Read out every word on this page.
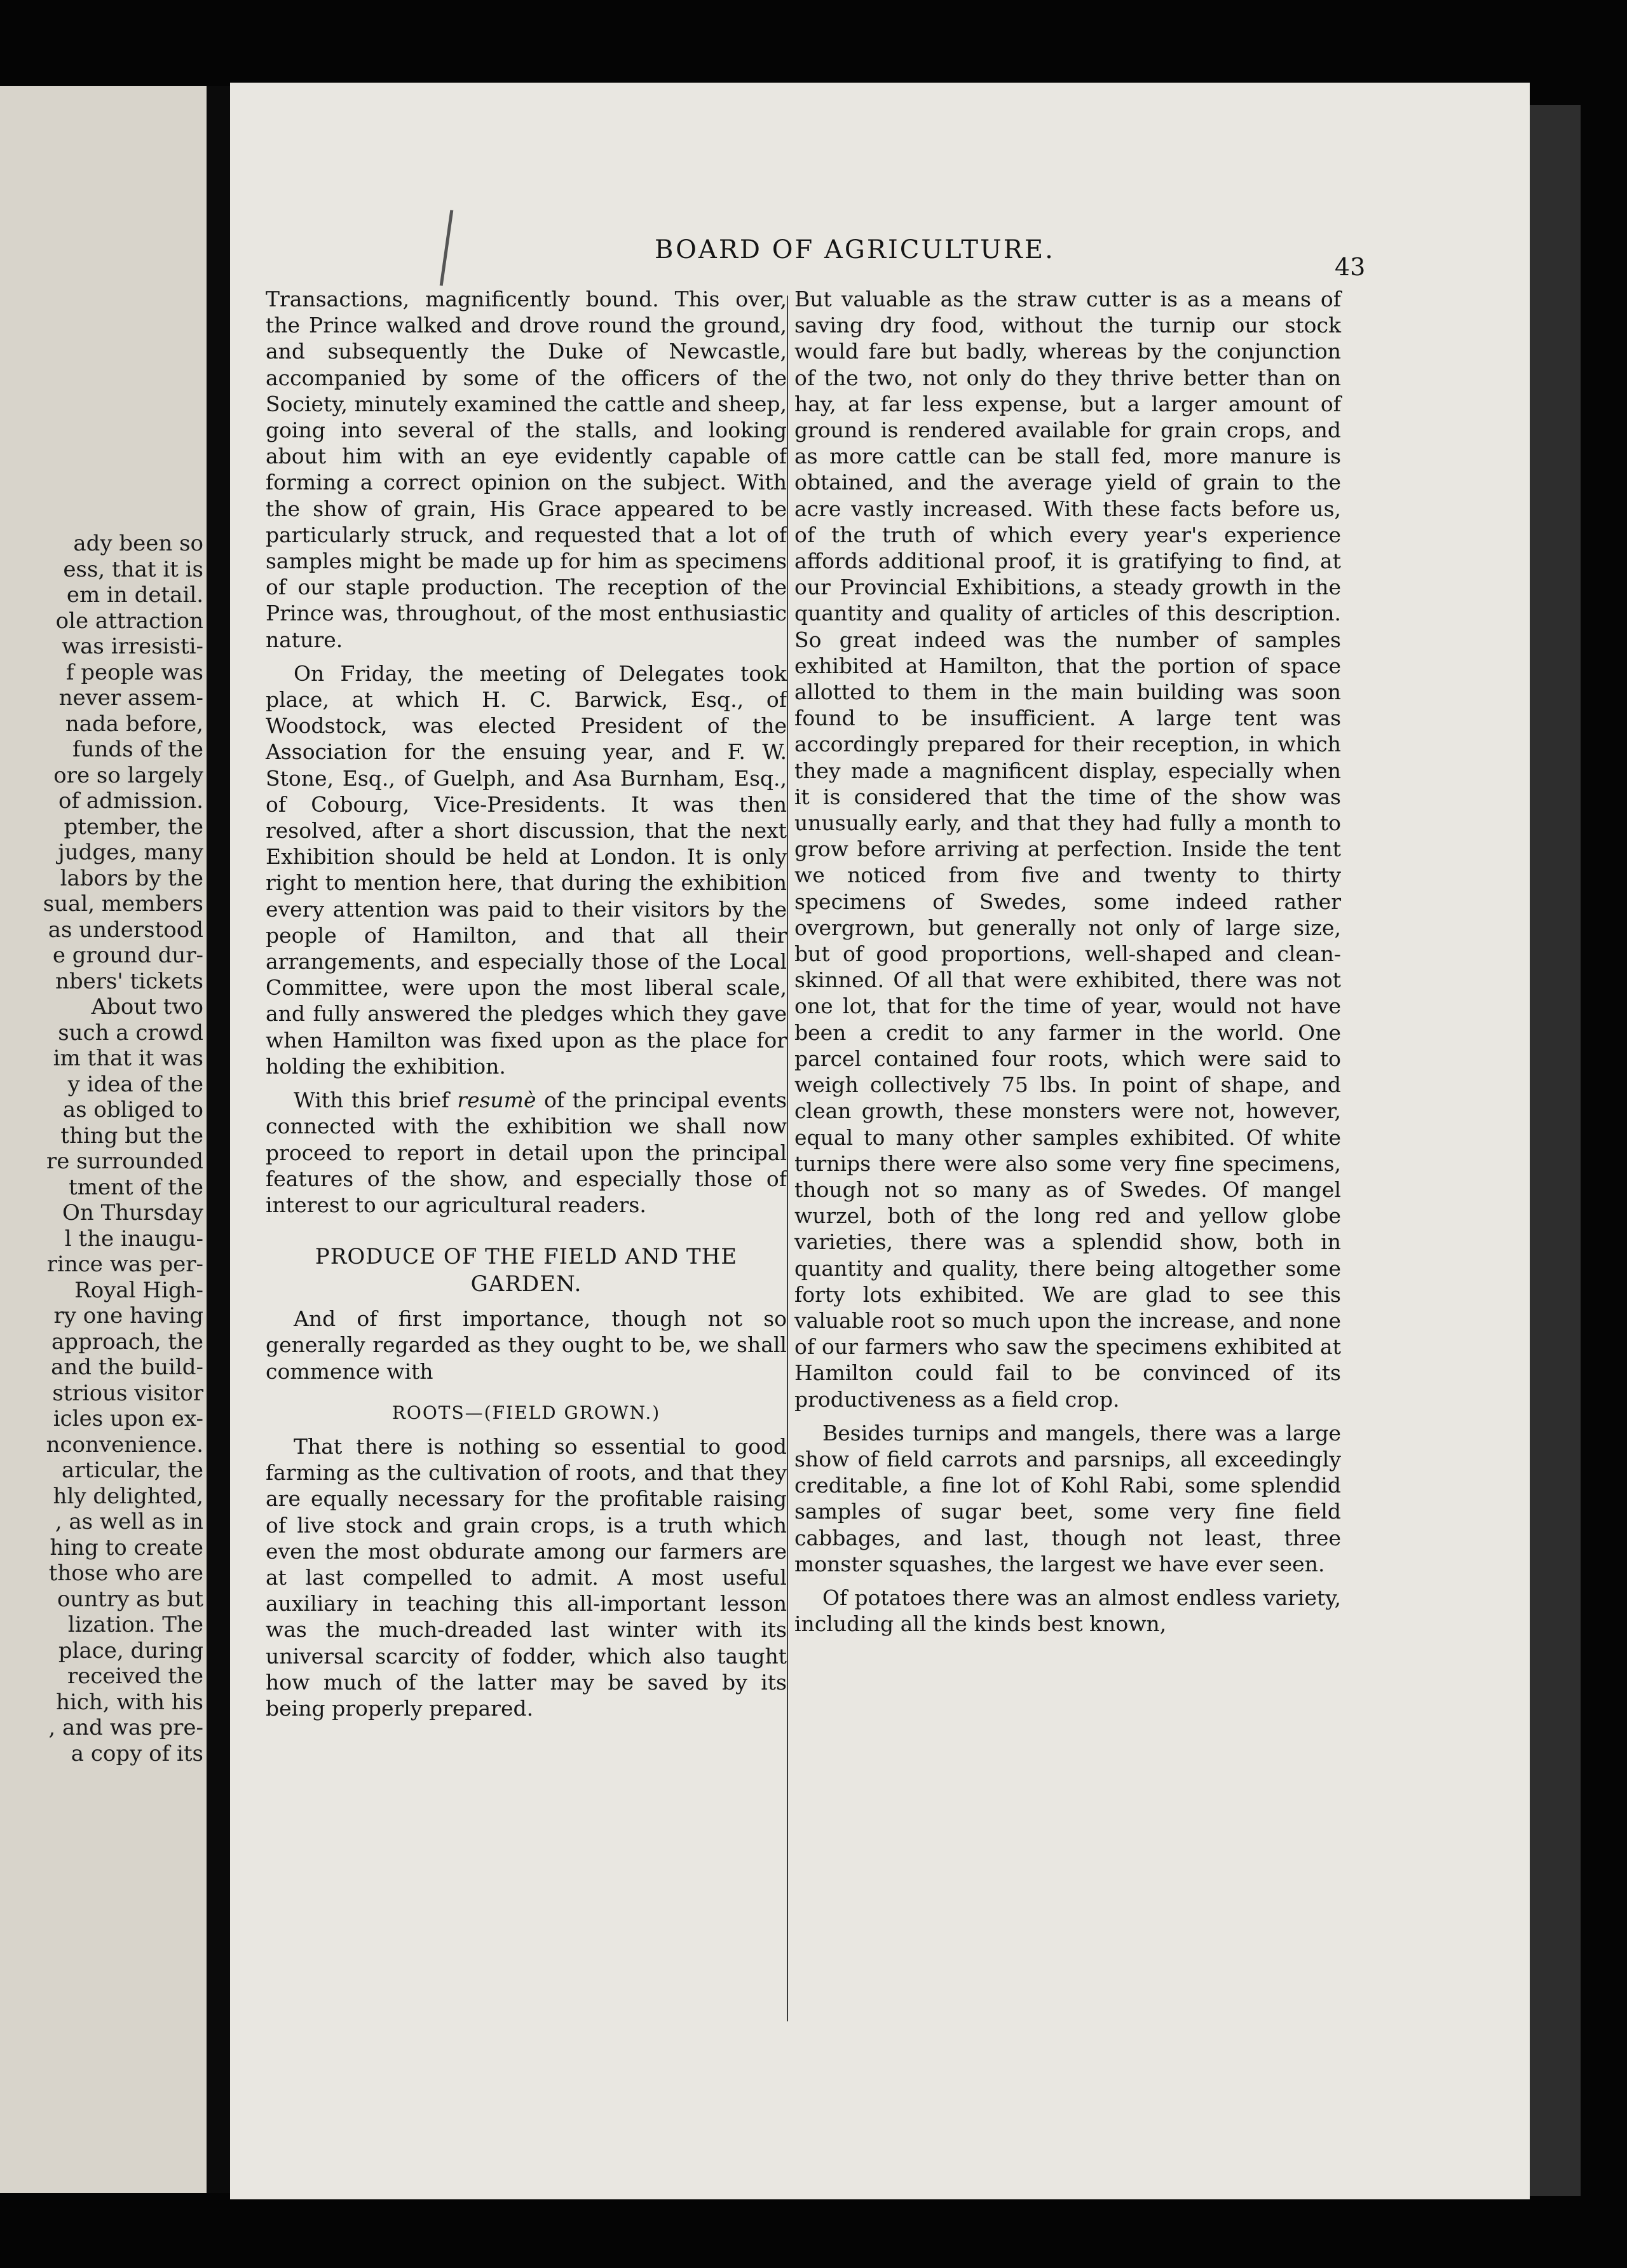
ady been so
ess, that it is
em in detail.
ole attraction
was irresisti-
f people was
never assem-
nada before,
funds of the
ore so largely
of admission.
ptember, the
judges, many
labors by the
sual, members
as understood
e ground dur-
nbers' tickets
About two
such a crowd
im that it was
y idea of the
as obliged to
thing but the
re surrounded
tment of the
On Thursday
l the inaugu-
rince was per-
Royal High-
ry one having
approach, the
and the build-
strious visitor
icles upon ex-
nconvenience.
articular, the
hly delighted,
, as well as in
hing to create
those who are
ountry as but
lization. The
place, during
received the
hich, with his
, and was pre-
a copy of its
BOARD OF AGRICULTURE.
43

Transactions, magnificently bound. This over, the Prince walked and drove round the ground, and subsequently the Duke of Newcastle, accompanied by some of the officers of the Society, minutely examined the cattle and sheep, going into several of the stalls, and looking about him with an eye evidently capable of forming a correct opinion on the subject. With the show of grain, His Grace appeared to be particularly struck, and requested that a lot of samples might be made up for him as specimens of our staple production. The reception of the Prince was, throughout, of the most enthusiastic nature.

On Friday, the meeting of Delegates took place, at which H. C. Barwick, Esq., of Woodstock, was elected President of the Association for the ensuing year, and F. W. Stone, Esq., of Guelph, and Asa Burnham, Esq., of Cobourg, Vice-Presidents. It was then resolved, after a short discussion, that the next Exhibition should be held at London. It is only right to mention here, that during the exhibition every attention was paid to their visitors by the people of Hamilton, and that all their arrangements, and especially those of the Local Committee, were upon the most liberal scale, and fully answered the pledges which they gave when Hamilton was fixed upon as the place for holding the exhibition.

With this brief resumè of the principal events connected with the exhibition we shall now proceed to report in detail upon the principal features of the show, and especially those of interest to our agricultural readers.

PRODUCE OF THE FIELD AND THE GARDEN.

And of first importance, though not so generally regarded as they ought to be, we shall commence with

ROOTS—(FIELD GROWN.)

That there is nothing so essential to good farming as the cultivation of roots, and that they are equally necessary for the profitable raising of live stock and grain crops, is a truth which even the most obdurate among our farmers are at last compelled to admit. A most useful auxiliary in teaching this all-important lesson was the much-dreaded last winter with its universal scarcity of fodder, which also taught how much of the latter may be saved by its being properly prepared.

But valuable as the straw cutter is as a means of saving dry food, without the turnip our stock would fare but badly, whereas by the conjunction of the two, not only do they thrive better than on hay, at far less expense, but a larger amount of ground is rendered available for grain crops, and as more cattle can be stall fed, more manure is obtained, and the average yield of grain to the acre vastly increased. With these facts before us, of the truth of which every year's experience affords additional proof, it is gratifying to find, at our Provincial Exhibitions, a steady growth in the quantity and quality of articles of this description. So great indeed was the number of samples exhibited at Hamilton, that the portion of space allotted to them in the main building was soon found to be insufficient. A large tent was accordingly prepared for their reception, in which they made a magnificent display, especially when it is considered that the time of the show was unusually early, and that they had fully a month to grow before arriving at perfection. Inside the tent we noticed from five and twenty to thirty specimens of Swedes, some indeed rather overgrown, but generally not only of large size, but of good proportions, well-shaped and clean-skinned. Of all that were exhibited, there was not one lot, that for the time of year, would not have been a credit to any farmer in the world. One parcel contained four roots, which were said to weigh collectively 75 lbs. In point of shape, and clean growth, these monsters were not, however, equal to many other samples exhibited. Of white turnips there were also some very fine specimens, though not so many as of Swedes. Of mangel wurzel, both of the long red and yellow globe varieties, there was a splendid show, both in quantity and quality, there being altogether some forty lots exhibited. We are glad to see this valuable root so much upon the increase, and none of our farmers who saw the specimens exhibited at Hamilton could fail to be convinced of its productiveness as a field crop.

Besides turnips and mangels, there was a large show of field carrots and parsnips, all exceedingly creditable, a fine lot of Kohl Rabi, some splendid samples of sugar beet, some very fine field cabbages, and last, though not least, three monster squashes, the largest we have ever seen.

Of potatoes there was an almost endless variety, including all the kinds best known,
